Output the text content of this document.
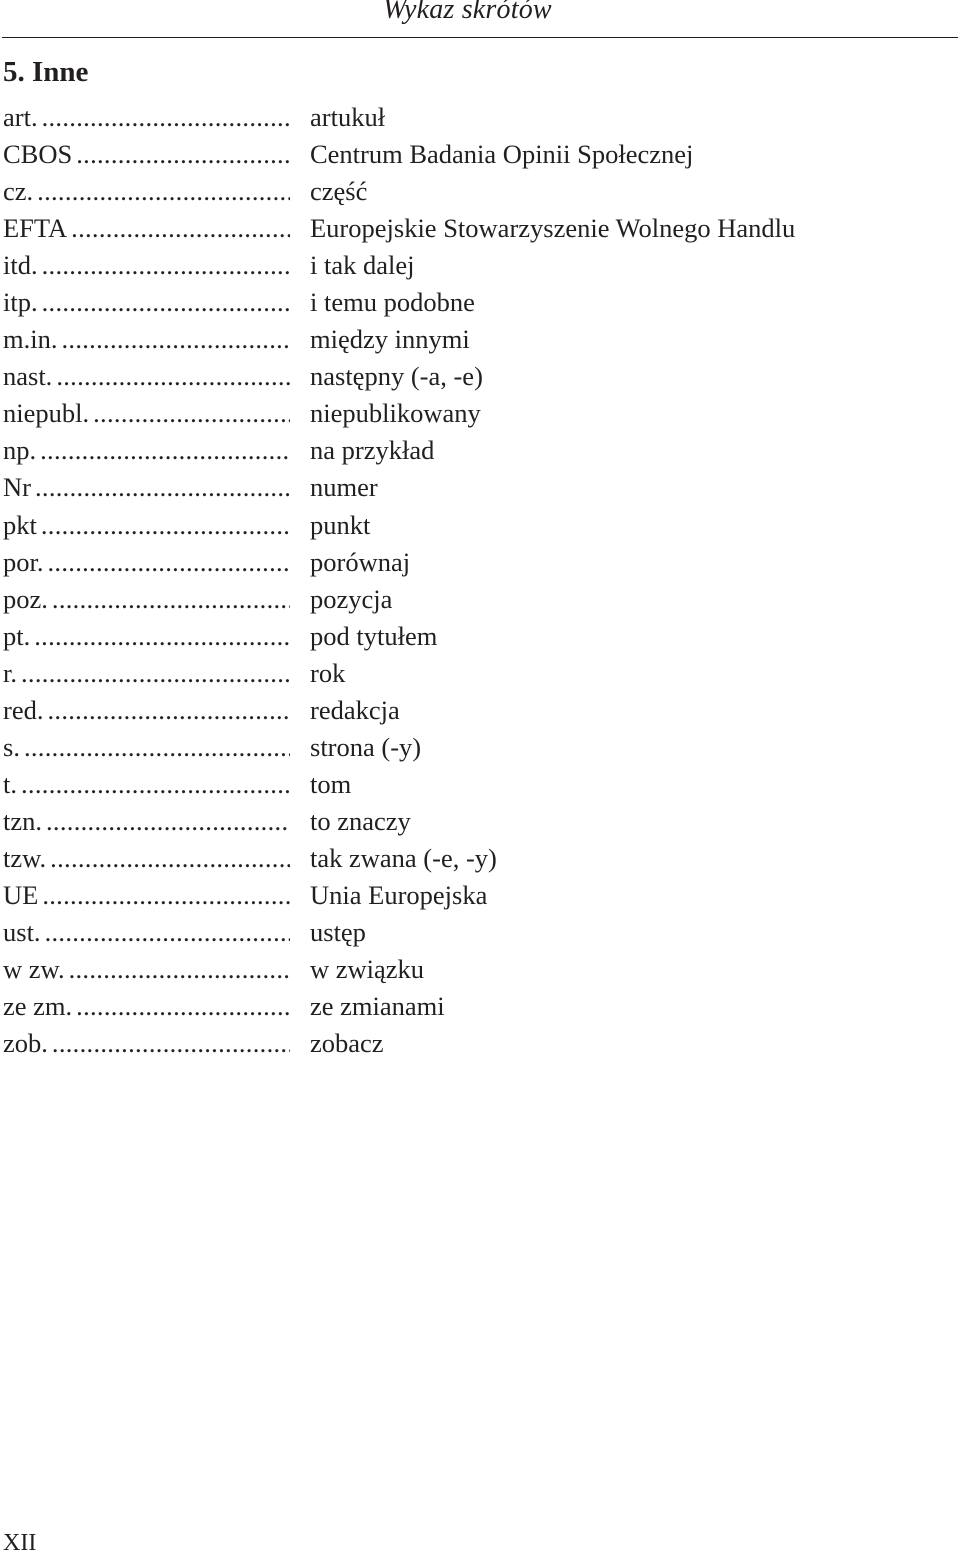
Wykaz skrótów
5. Inne
art. .....	artukuł
CBOS .....	Centrum Badania Opinii Społecznej
cz. .....	część
EFTA .....	Europejskie Stowarzyszenie Wolnego Handlu
itd. .....	i tak dalej
itp. .....	i temu podobne
m.in. .....	między innymi
nast. .....	następny (-a, -e)
niepubl. .....	niepublikowany
np. .....	na przykład
Nr .....	numer
pkt .....	punkt
por. .....	porównaj
poz. .....	pozycja
pt. .....	pod tytułem
r. .....	rok
red. .....	redakcja
s. .....	strona (-y)
t. .....	tom
tzn. .....	to znaczy
tzw. .....	tak zwana (-e, -y)
UE .....	Unia Europejska
ust. .....	ustęp
w zw. .....	w związku
ze zm. .....	ze zmianami
zob. .....	zobacz
XII
